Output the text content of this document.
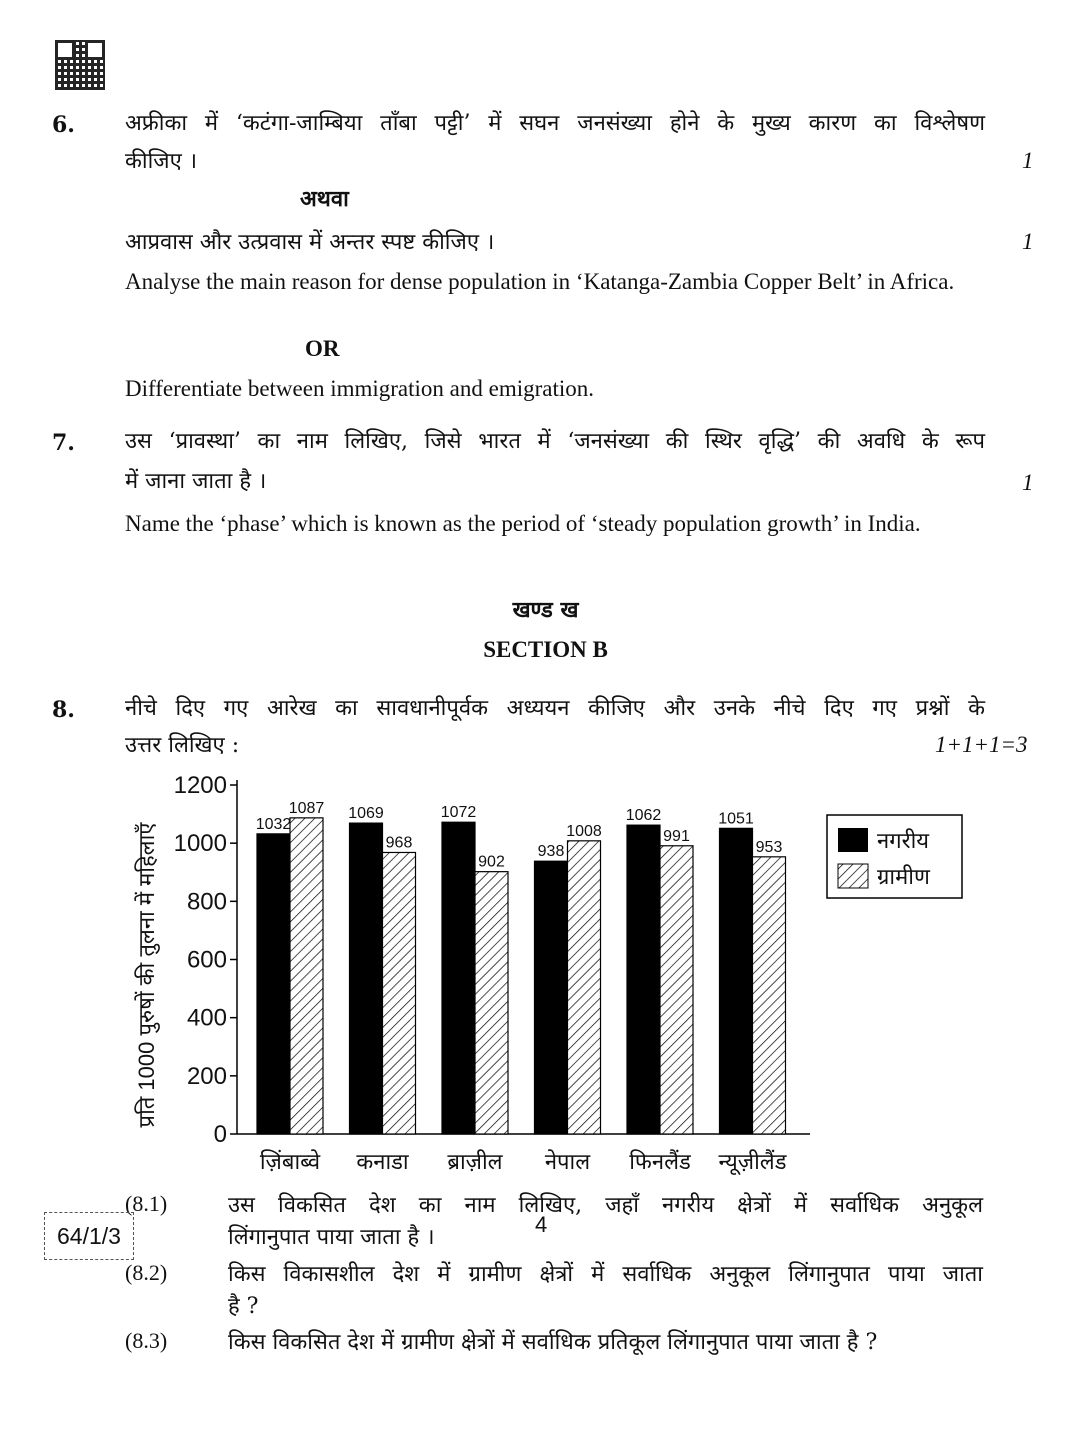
6. अफ्रीका में ‘कटंगा-जाम्बिया ताँबा पट्टी’ में सघन जनसंख्या होने के मुख्य कारण का विश्लेषण
कीजिए ।	1
अथवा
आप्रवास और उत्प्रवास में अन्तर स्पष्ट कीजिए ।	1
Analyse the main reason for dense population in ‘Katanga-Zambia Copper Belt’ in Africa.
OR
Differentiate between immigration and emigration.
7. उस ‘प्रावस्था’ का नाम लिखिए, जिसे भारत में ‘जनसंख्या की स्थिर वृद्धि’ की अवधि के रूप
में जाना जाता है ।	1
Name the ‘phase’ which is known as the period of ‘steady population growth’ in India.
खण्ड ख
SECTION B
8. नीचे दिए गए आरेख का सावधानीपूर्वक अध्ययन कीजिए और उनके नीचे दिए गए प्रश्नों के
उत्तर लिखिए :	1+1+1=3
0
200
400
600
800
1000
1200
1032
1087
ज़िंबाब्वे
1069
968
कनाडा
1072
902
ब्राज़ील
938
1008
नेपाल
1062
991
फिनलैंड
1051
953
न्यूज़ीलैंड
प्रति 1000 पुरुषों की तुलना में महिलाएँ	नगरीय
ग्रामीण
(8.1)	उस विकसित देश का नाम लिखिए, जहाँ नगरीय क्षेत्रों में सर्वाधिक अनुकूल
लिंगानुपात पाया जाता है ।
(8.2)	किस विकासशील देश में ग्रामीण क्षेत्रों में सर्वाधिक अनुकूल लिंगानुपात पाया जाता
है ?
(8.3)	किस विकसित देश में ग्रामीण क्षेत्रों में सर्वाधिक प्रतिकूल लिंगानुपात पाया जाता है ?
64/1/3	4
